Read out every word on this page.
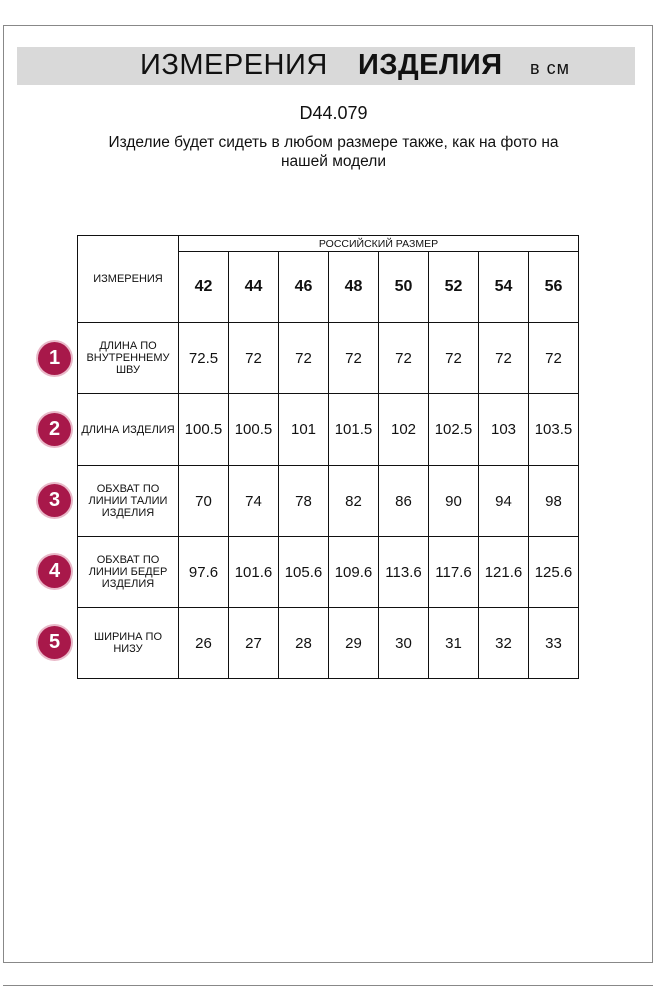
ИЗМЕРЕНИЯ ИЗДЕЛИЯ в см
D44.079
Изделие будет сидеть в любом размере также, как на фото на нашей модели
ИЗМЕРЕНИЯ	РОССИЙСКИЙ РАЗМЕР							
	42	44	46	48	50	52	54	56
ДЛИНА ПО ВНУТРЕННЕМУ ШВУ	72.5	72	72	72	72	72	72	72
ДЛИНА ИЗДЕЛИЯ	100.5	100.5	101	101.5	102	102.5	103	103.5
ОБХВАТ ПО ЛИНИИ ТАЛИИ ИЗДЕЛИЯ	70	74	78	82	86	90	94	98
ОБХВАТ ПО ЛИНИИ БЕДЕР ИЗДЕЛИЯ	97.6	101.6	105.6	109.6	113.6	117.6	121.6	125.6
ШИРИНА ПО НИЗУ	26	27	28	29	30	31	32	33
1
2
3
4
5
